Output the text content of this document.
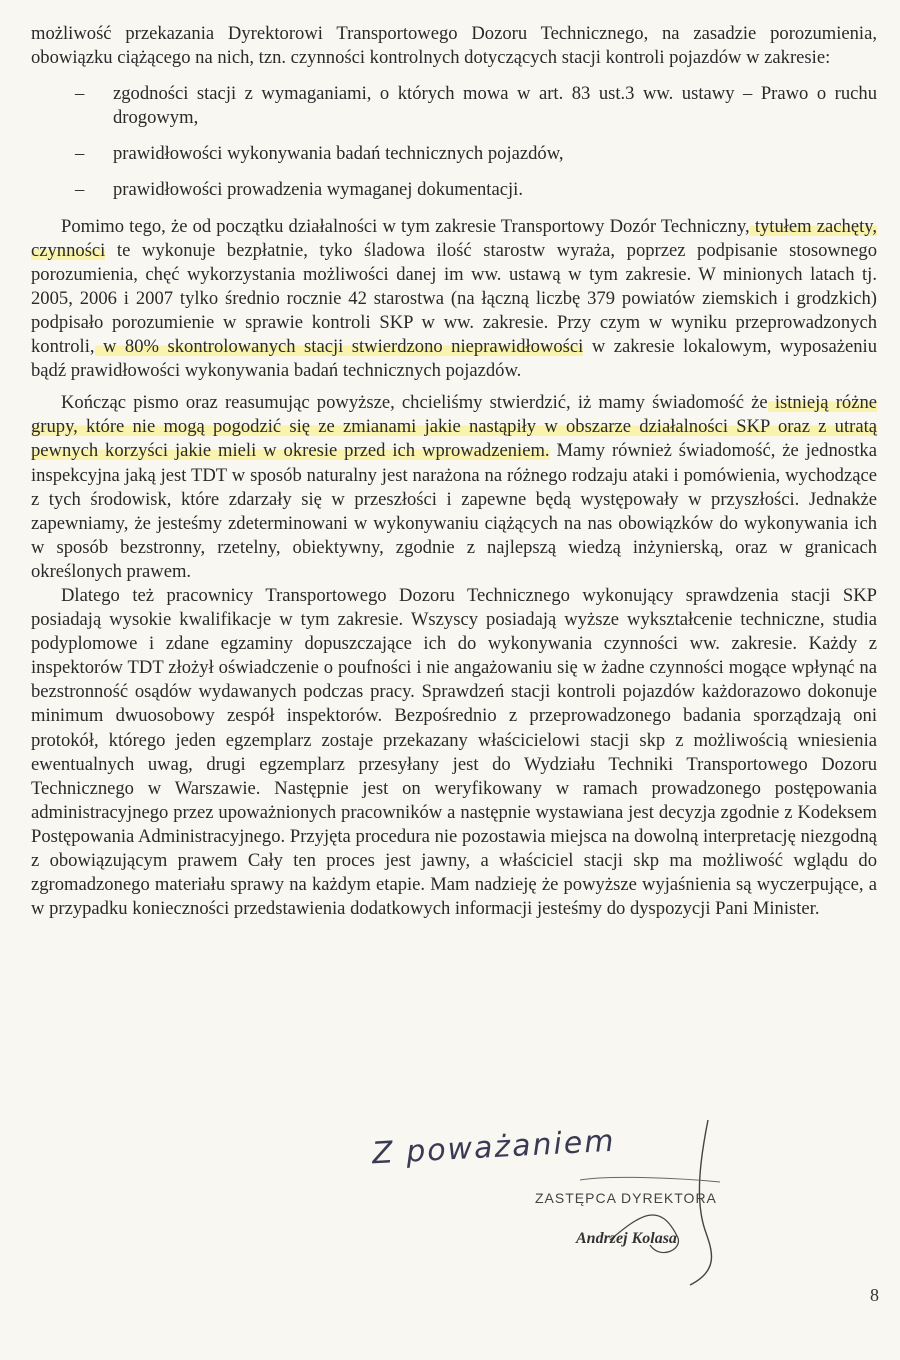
możliwość przekazania Dyrektorowi Transportowego Dozoru Technicznego, na zasadzie porozumienia, obowiązku ciążącego na nich, tzn. czynności kontrolnych dotyczących stacji kontroli pojazdów w zakresie:

– zgodności stacji z wymaganiami, o których mowa w art. 83 ust.3 ww. ustawy – Prawo o ruchu drogowym,
– prawidłowości wykonywania badań technicznych pojazdów,
– prawidłowości prowadzenia wymaganej dokumentacji.

Pomimo tego, że od początku działalności w tym zakresie Transportowy Dozór Techniczny, tytułem zachęty, czynności te wykonuje bezpłatnie, tyko śladowa ilość starostw wyraża, poprzez podpisanie stosownego porozumienia, chęć wykorzystania możliwości danej im ww. ustawą w tym zakresie. W minionych latach tj. 2005, 2006 i 2007 tylko średnio rocznie 42 starostwa (na łączną liczbę 379 powiatów ziemskich i grodzkich) podpisało porozumienie w sprawie kontroli SKP w ww. zakresie. Przy czym w wyniku przeprowadzonych kontroli, w 80% skontrolowanych stacji stwierdzono nieprawidłowości w zakresie lokalowym, wyposażeniu bądź prawidłowości wykonywania badań technicznych pojazdów.

Kończąc pismo oraz reasumując powyższe, chcieliśmy stwierdzić, iż mamy świadomość że istnieją różne grupy, które nie mogą pogodzić się ze zmianami jakie nastąpiły w obszarze działalności SKP oraz z utratą pewnych korzyści jakie mieli w okresie przed ich wprowadzeniem. Mamy również świadomość, że jednostka inspekcyjna jaką jest TDT w sposób naturalny jest narażona na różnego rodzaju ataki i pomówienia, wychodzące z tych środowisk, które zdarzały się w przeszłości i zapewne będą występowały w przyszłości. Jednakże zapewniamy, że jesteśmy zdeterminowani w wykonywaniu ciążących na nas obowiązków do wykonywania ich w sposób bezstronny, rzetelny, obiektywny, zgodnie z najlepszą wiedzą inżynierską, oraz w granicach określonych prawem.

Dlatego też pracownicy Transportowego Dozoru Technicznego wykonujący sprawdzenia stacji SKP posiadają wysokie kwalifikacje w tym zakresie. Wszyscy posiadają wyższe wykształcenie techniczne, studia podyplomowe i zdane egzaminy dopuszczające ich do wykonywania czynności ww. zakresie. Każdy z inspektorów TDT złożył oświadczenie o poufności i nie angażowaniu się w żadne czynności mogące wpłynąć na bezstronność osądów wydawanych podczas pracy. Sprawdzeń stacji kontroli pojazdów każdorazowo dokonuje minimum dwuosobowy zespół inspektorów. Bezpośrednio z przeprowadzonego badania sporządzają oni protokół, którego jeden egzemplarz zostaje przekazany właścicielowi stacji skp z możliwością wniesienia ewentualnych uwag, drugi egzemplarz przesyłany jest do Wydziału Techniki Transportowego Dozoru Technicznego w Warszawie. Następnie jest on weryfikowany w ramach prowadzonego postępowania administracyjnego przez upoważnionych pracowników a następnie wystawiana jest decyzja zgodnie z Kodeksem Postępowania Administracyjnego. Przyjęta procedura nie pozostawia miejsca na dowolną interpretację niezgodną z obowiązującym prawem Cały ten proces jest jawny, a właściciel stacji skp ma możliwość wglądu do zgromadzonego materiału sprawy na każdym etapie. Mam nadzieję że powyższe wyjaśnienia są wyczerpujące, a w przypadku konieczności przedstawienia dodatkowych informacji jesteśmy do dyspozycji Pani Minister.

Z poważaniem
ZASTĘPCA DYREKTORA
Andrzej Kolasa
8
